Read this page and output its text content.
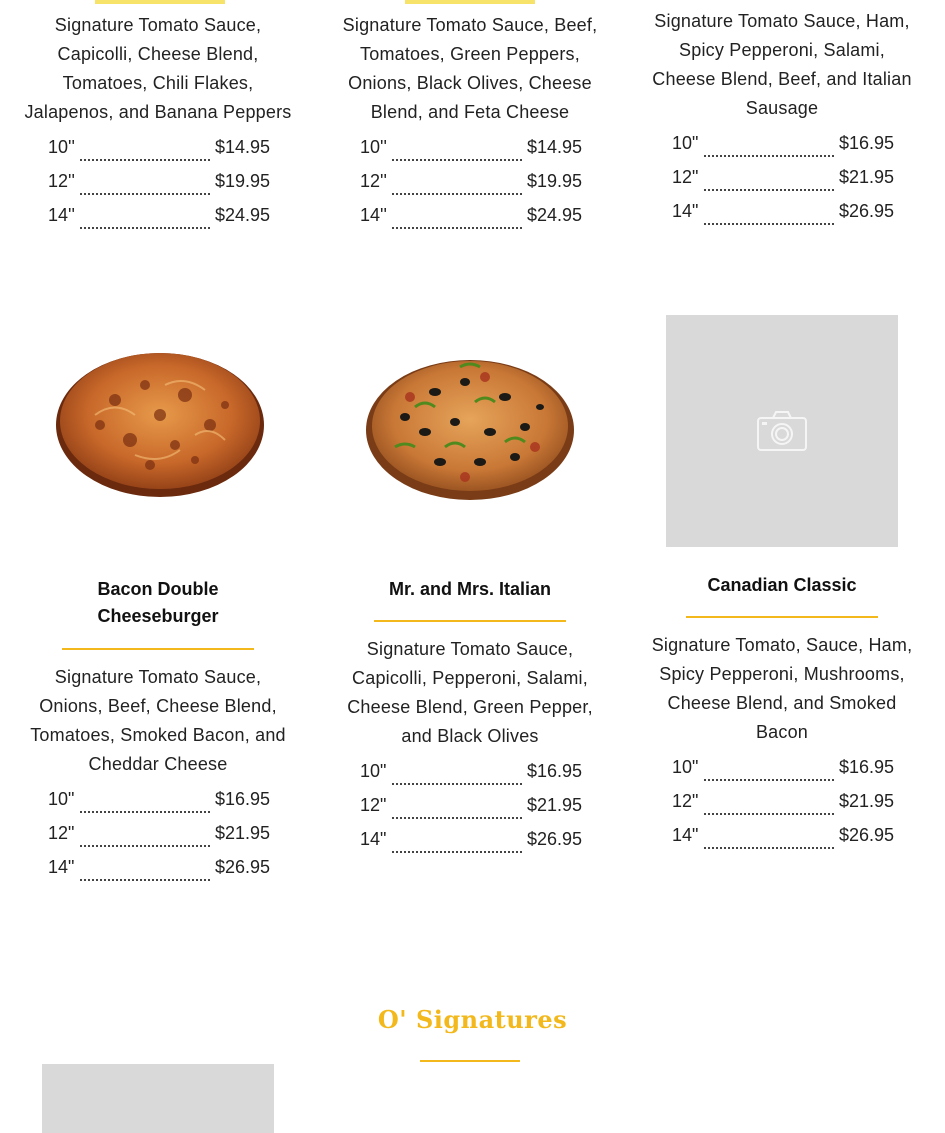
Signature Tomato Sauce, Capicolli, Cheese Blend, Tomatoes, Chili Flakes, Jalapenos, and Banana Peppers

10''	$14.95
12''	$19.95
14''	$24.95

Signature Tomato Sauce, Beef, Tomatoes, Green Peppers, Onions, Black Olives, Cheese Blend, and Feta Cheese

10''	$14.95
12''	$19.95
14''	$24.95

Signature Tomato Sauce, Ham, Spicy Pepperoni, Salami, Cheese Blend, Beef, and Italian Sausage

10"	$16.95
12"	$21.95
14"	$26.95

Bacon Double Cheeseburger

Signature Tomato Sauce, Onions, Beef, Cheese Blend, Tomatoes, Smoked Bacon, and Cheddar Cheese

10"	$16.95
12"	$21.95
14"	$26.95

Mr. and Mrs. Italian

Signature Tomato Sauce, Capicolli, Pepperoni, Salami, Cheese Blend, Green Pepper, and Black Olives

10"	$16.95
12"	$21.95
14"	$26.95

Canadian Classic

Signature Tomato, Sauce, Ham, Spicy Pepperoni, Mushrooms, Cheese Blend, and Smoked Bacon

10"	$16.95
12"	$21.95
14"	$26.95
O' Signatures
